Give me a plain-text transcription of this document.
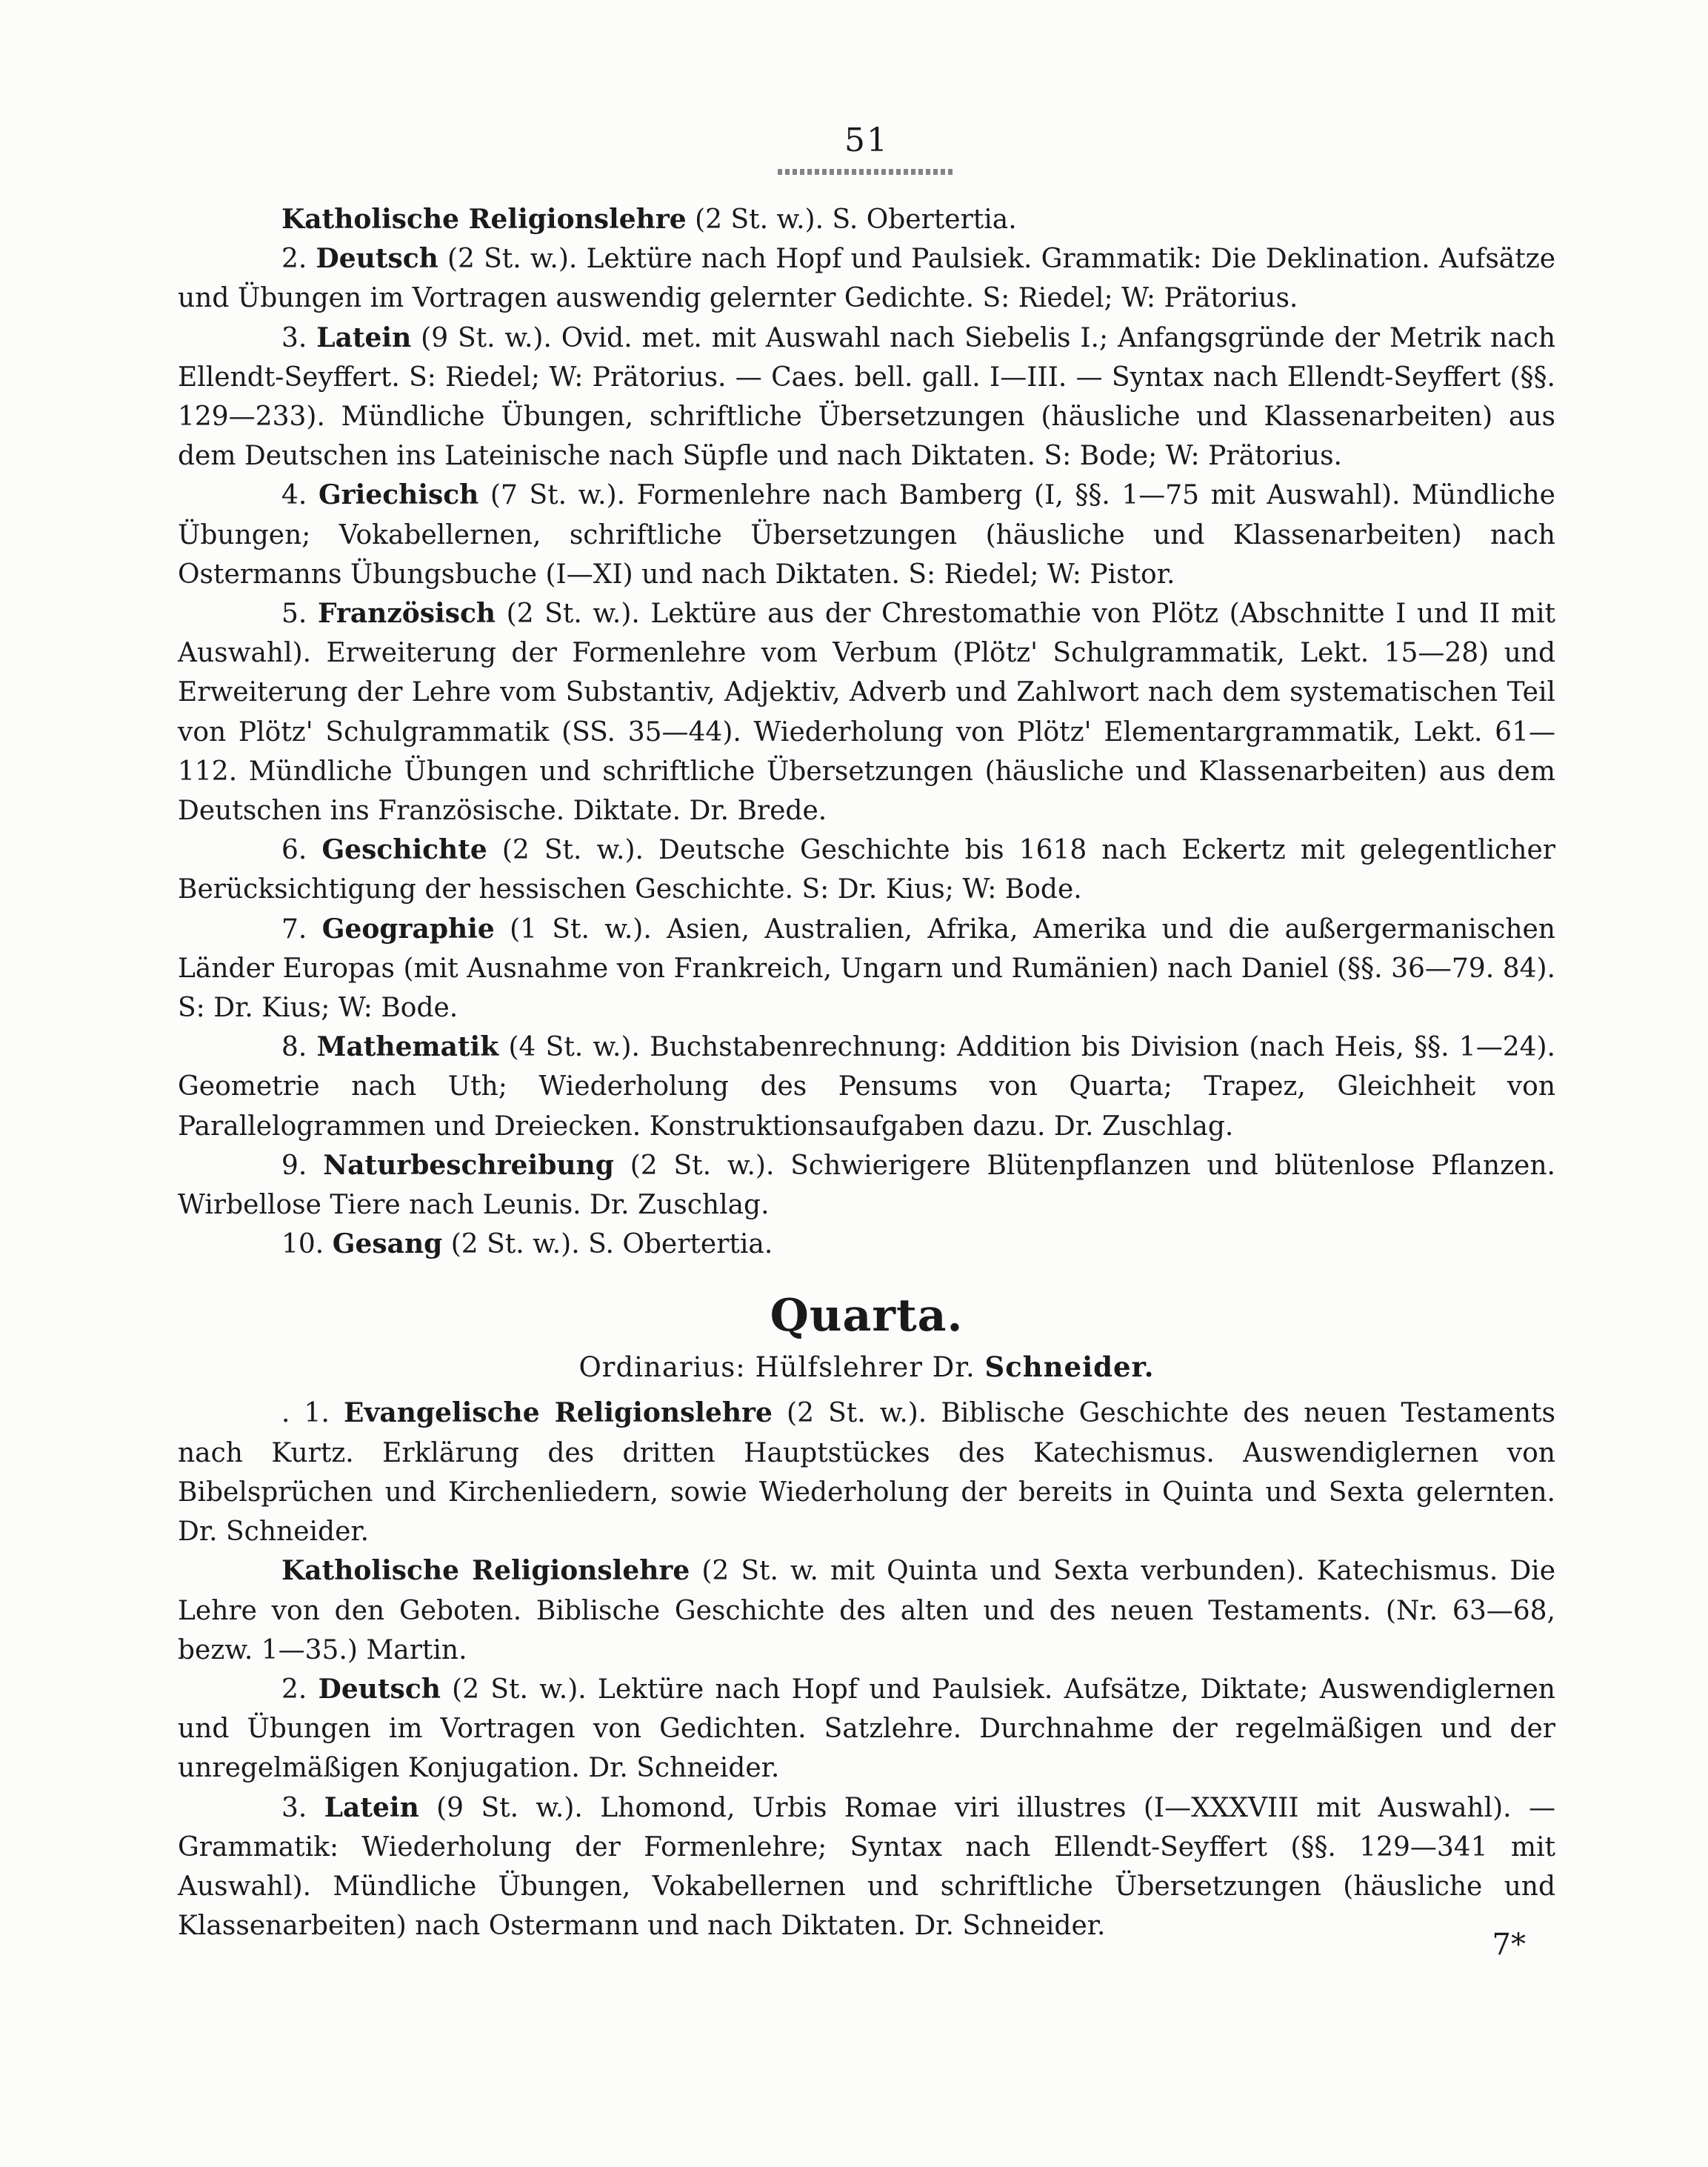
51

Katholische Religionslehre (2 St. w.). S. Obertertia.

2. Deutsch (2 St. w.). Lektüre nach Hopf und Paulsiek. Grammatik: Die Deklination. Aufsätze und Übungen im Vortragen auswendig gelernter Gedichte. S: Riedel; W: Prätorius.

3. Latein (9 St. w.). Ovid. met. mit Auswahl nach Siebelis I.; Anfangsgründe der Metrik nach Ellendt-Seyffert. S: Riedel; W: Prätorius. — Caes. bell. gall. I—III. — Syntax nach Ellendt-Seyffert (§§. 129—233). Mündliche Übungen, schriftliche Übersetzungen (häusliche und Klassenarbeiten) aus dem Deutschen ins Lateinische nach Süpfle und nach Diktaten. S: Bode; W: Prätorius.

4. Griechisch (7 St. w.). Formenlehre nach Bamberg (I, §§. 1—75 mit Auswahl). Mündliche Übungen; Vokabellernen, schriftliche Übersetzungen (häusliche und Klassenarbeiten) nach Ostermanns Übungsbuche (I—XI) und nach Diktaten. S: Riedel; W: Pistor.

5. Französisch (2 St. w.). Lektüre aus der Chrestomathie von Plötz (Abschnitte I und II mit Auswahl). Erweiterung der Formenlehre vom Verbum (Plötz' Schulgrammatik, Lekt. 15—28) und Erweiterung der Lehre vom Substantiv, Adjektiv, Adverb und Zahlwort nach dem systematischen Teil von Plötz' Schulgrammatik (SS. 35—44). Wiederholung von Plötz' Elementargrammatik, Lekt. 61—112. Mündliche Übungen und schriftliche Übersetzungen (häusliche und Klassenarbeiten) aus dem Deutschen ins Französische. Diktate. Dr. Brede.

6. Geschichte (2 St. w.). Deutsche Geschichte bis 1618 nach Eckertz mit gelegentlicher Berücksichtigung der hessischen Geschichte. S: Dr. Kius; W: Bode.

7. Geographie (1 St. w.). Asien, Australien, Afrika, Amerika und die außergermanischen Länder Europas (mit Ausnahme von Frankreich, Ungarn und Rumänien) nach Daniel (§§. 36—79. 84). S: Dr. Kius; W: Bode.

8. Mathematik (4 St. w.). Buchstabenrechnung: Addition bis Division (nach Heis, §§. 1—24). Geometrie nach Uth; Wiederholung des Pensums von Quarta; Trapez, Gleichheit von Parallelogrammen und Dreiecken. Konstruktionsaufgaben dazu. Dr. Zuschlag.

9. Naturbeschreibung (2 St. w.). Schwierigere Blütenpflanzen und blütenlose Pflanzen. Wirbellose Tiere nach Leunis. Dr. Zuschlag.

10. Gesang (2 St. w.). S. Obertertia.

Quarta.
Ordinarius: Hülfslehrer Dr. Schneider.

. 1. Evangelische Religionslehre (2 St. w.). Biblische Geschichte des neuen Testaments nach Kurtz. Erklärung des dritten Hauptstückes des Katechismus. Auswendiglernen von Bibelsprüchen und Kirchenliedern, sowie Wiederholung der bereits in Quinta und Sexta gelernten. Dr. Schneider.

Katholische Religionslehre (2 St. w. mit Quinta und Sexta verbunden). Katechismus. Die Lehre von den Geboten. Biblische Geschichte des alten und des neuen Testaments. (Nr. 63—68, bezw. 1—35.) Martin.

2. Deutsch (2 St. w.). Lektüre nach Hopf und Paulsiek. Aufsätze, Diktate; Auswendiglernen und Übungen im Vortragen von Gedichten. Satzlehre. Durchnahme der regelmäßigen und der unregelmäßigen Konjugation. Dr. Schneider.

3. Latein (9 St. w.). Lhomond, Urbis Romae viri illustres (I—XXXVIII mit Auswahl). — Grammatik: Wiederholung der Formenlehre; Syntax nach Ellendt-Seyffert (§§. 129—341 mit Auswahl). Mündliche Übungen, Vokabellernen und schriftliche Übersetzungen (häusliche und Klassenarbeiten) nach Ostermann und nach Diktaten. Dr. Schneider.

7*
